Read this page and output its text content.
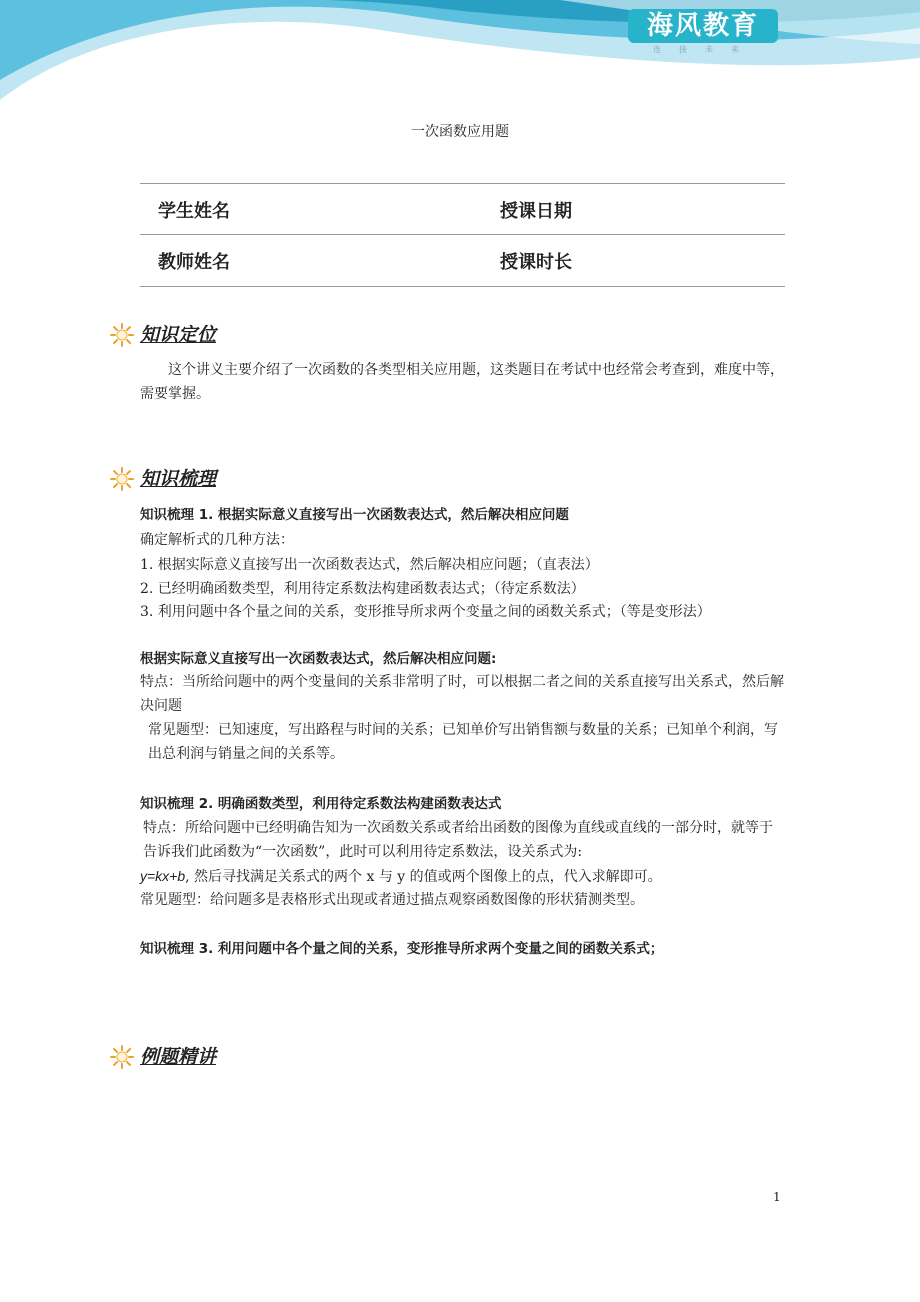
海风教育
连接未来
一次函数应用题
学生姓名	授课日期
教师姓名	授课时长
知识定位
这个讲义主要介绍了一次函数的各类型相关应用题，这类题目在考试中也经常会考查到，难度中等，需要掌握。
知识梳理
知识梳理 1. 根据实际意义直接写出一次函数表达式，然后解决相应问题
确定解析式的几种方法：
1. 根据实际意义直接写出一次函数表达式，然后解决相应问题；（直表法）
2. 已经明确函数类型，利用待定系数法构建函数表达式；（待定系数法）
3. 利用问题中各个量之间的关系，变形推导所求两个变量之间的函数关系式；（等是变形法）
根据实际意义直接写出一次函数表达式，然后解决相应问题:
特点：当所给问题中的两个变量间的关系非常明了时，可以根据二者之间的关系直接写出关系式，然后解决问题
常见题型：已知速度，写出路程与时间的关系；已知单价写出销售额与数量的关系；已知单个利润，写出总利润与销量之间的关系等。
知识梳理 2. 明确函数类型，利用待定系数法构建函数表达式
特点：所给问题中已经明确告知为一次函数关系或者给出函数的图像为直线或直线的一部分时，就等于告诉我们此函数为“一次函数”，此时可以利用待定系数法，设关系式为:
y=kx+b, 然后寻找满足关系式的两个 x 与 y 的值或两个图像上的点，代入求解即可。
常见题型：给问题多是表格形式出现或者通过描点观察函数图像的形状猜测类型。
知识梳理 3. 利用问题中各个量之间的关系，变形推导所求两个变量之间的函数关系式；
例题精讲
1
